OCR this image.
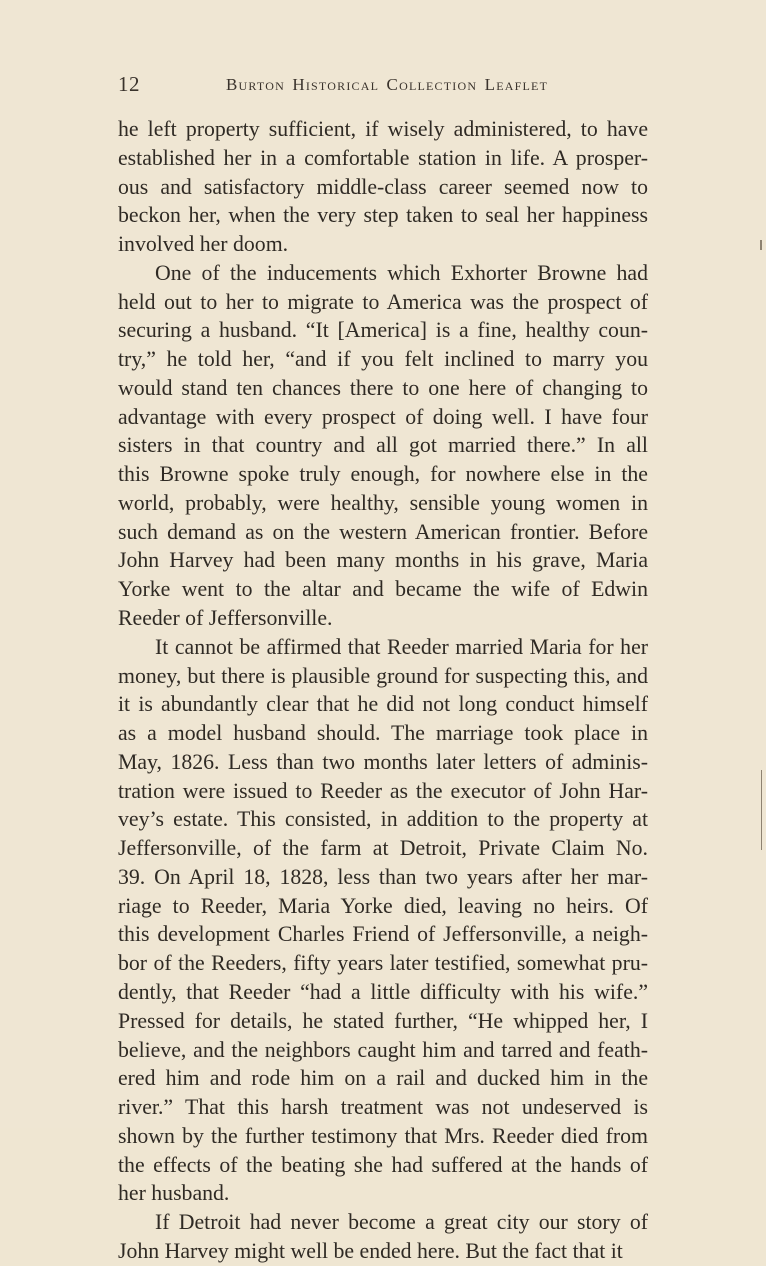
12	Burton Historical Collection Leaflet
he left property sufficient, if wisely administered, to have
established her in a comfortable station in life. A prosper-
ous and satisfactory middle-class career seemed now to
beckon her, when the very step taken to seal her happiness
involved her doom.
One of the inducements which Exhorter Browne had
held out to her to migrate to America was the prospect of
securing a husband. “It [America] is a fine, healthy coun-
try,” he told her, “and if you felt inclined to marry you
would stand ten chances there to one here of changing to
advantage with every prospect of doing well. I have four
sisters in that country and all got married there.” In all
this Browne spoke truly enough, for nowhere else in the
world, probably, were healthy, sensible young women in
such demand as on the western American frontier. Before
John Harvey had been many months in his grave, Maria
Yorke went to the altar and became the wife of Edwin
Reeder of Jeffersonville.
It cannot be affirmed that Reeder married Maria for her
money, but there is plausible ground for suspecting this, and
it is abundantly clear that he did not long conduct himself
as a model husband should. The marriage took place in
May, 1826. Less than two months later letters of adminis-
tration were issued to Reeder as the executor of John Har-
vey’s estate. This consisted, in addition to the property at
Jeffersonville, of the farm at Detroit, Private Claim No.
39. On April 18, 1828, less than two years after her mar-
riage to Reeder, Maria Yorke died, leaving no heirs. Of
this development Charles Friend of Jeffersonville, a neigh-
bor of the Reeders, fifty years later testified, somewhat pru-
dently, that Reeder “had a little difficulty with his wife.”
Pressed for details, he stated further, “He whipped her, I
believe, and the neighbors caught him and tarred and feath-
ered him and rode him on a rail and ducked him in the
river.” That this harsh treatment was not undeserved is
shown by the further testimony that Mrs. Reeder died from
the effects of the beating she had suffered at the hands of
her husband.
If Detroit had never become a great city our story of
John Harvey might well be ended here. But the fact that it
